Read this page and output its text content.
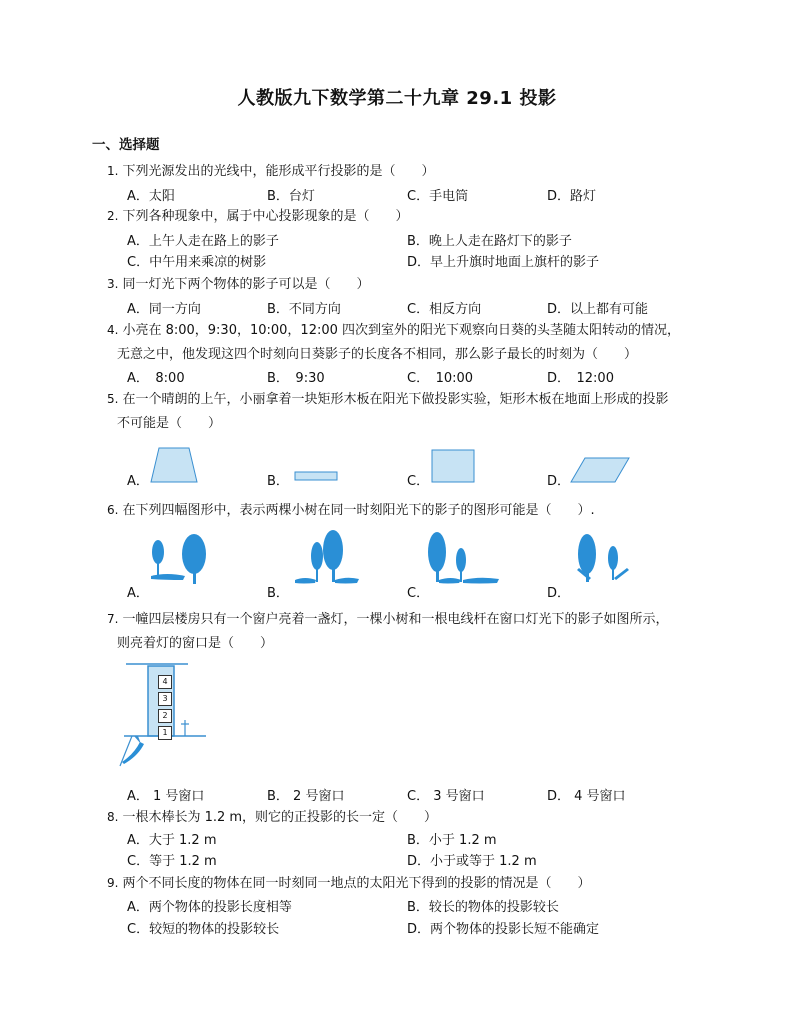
人教版九下数学第二十九章 29.1 投影
一、选择题
1. 下列光源发出的光线中，能形成平行投影的是（　　）
A．太阳	B．台灯	C．手电筒	D．路灯
2. 下列各种现象中，属于中心投影现象的是（　　）
A．上午人走在路上的影子	B．晚上人走在路灯下的影子
C．中午用来乘凉的树影	D．早上升旗时地面上旗杆的影子
3. 同一灯光下两个物体的影子可以是（　　）
A．同一方向	B．不同方向	C．相反方向	D．以上都有可能
4. 小亮在 8:00，9:30，10:00，12:00 四次到室外的阳光下观察向日葵的头茎随太阳转动的情况，
无意之中，他发现这四个时刻向日葵影子的长度各不相同，那么影子最长的时刻为（　　）
A．　8:00	B．　9:30	C．　10:00	D．　12:00
5. 在一个晴朗的上午，小丽拿着一块矩形木板在阳光下做投影实验，矩形木板在地面上形成的投影
不可能是（　　）
A．	B．	C．	D．
6. 在下列四幅图形中，表示两棵小树在同一时刻阳光下的影子的图形可能是（　　）.
A．	B．	C．	D．
7. 一幢四层楼房只有一个窗户亮着一盏灯，一棵小树和一根电线杆在窗口灯光下的影子如图所示，
则亮着灯的窗口是（　　）
4
3
2
1
A． 1 号窗口	B． 2 号窗口	C． 3 号窗口	D． 4 号窗口
8. 一根木棒长为 1.2 m，则它的正投影的长一定（　　）
A．大于 1.2 m	B．小于 1.2 m
C．等于 1.2 m	D．小于或等于 1.2 m
9. 两个不同长度的物体在同一时刻同一地点的太阳光下得到的投影的情况是（　　）
A．两个物体的投影长度相等	B．较长的物体的投影较长
C．较短的物体的投影较长	D．两个物体的投影长短不能确定
